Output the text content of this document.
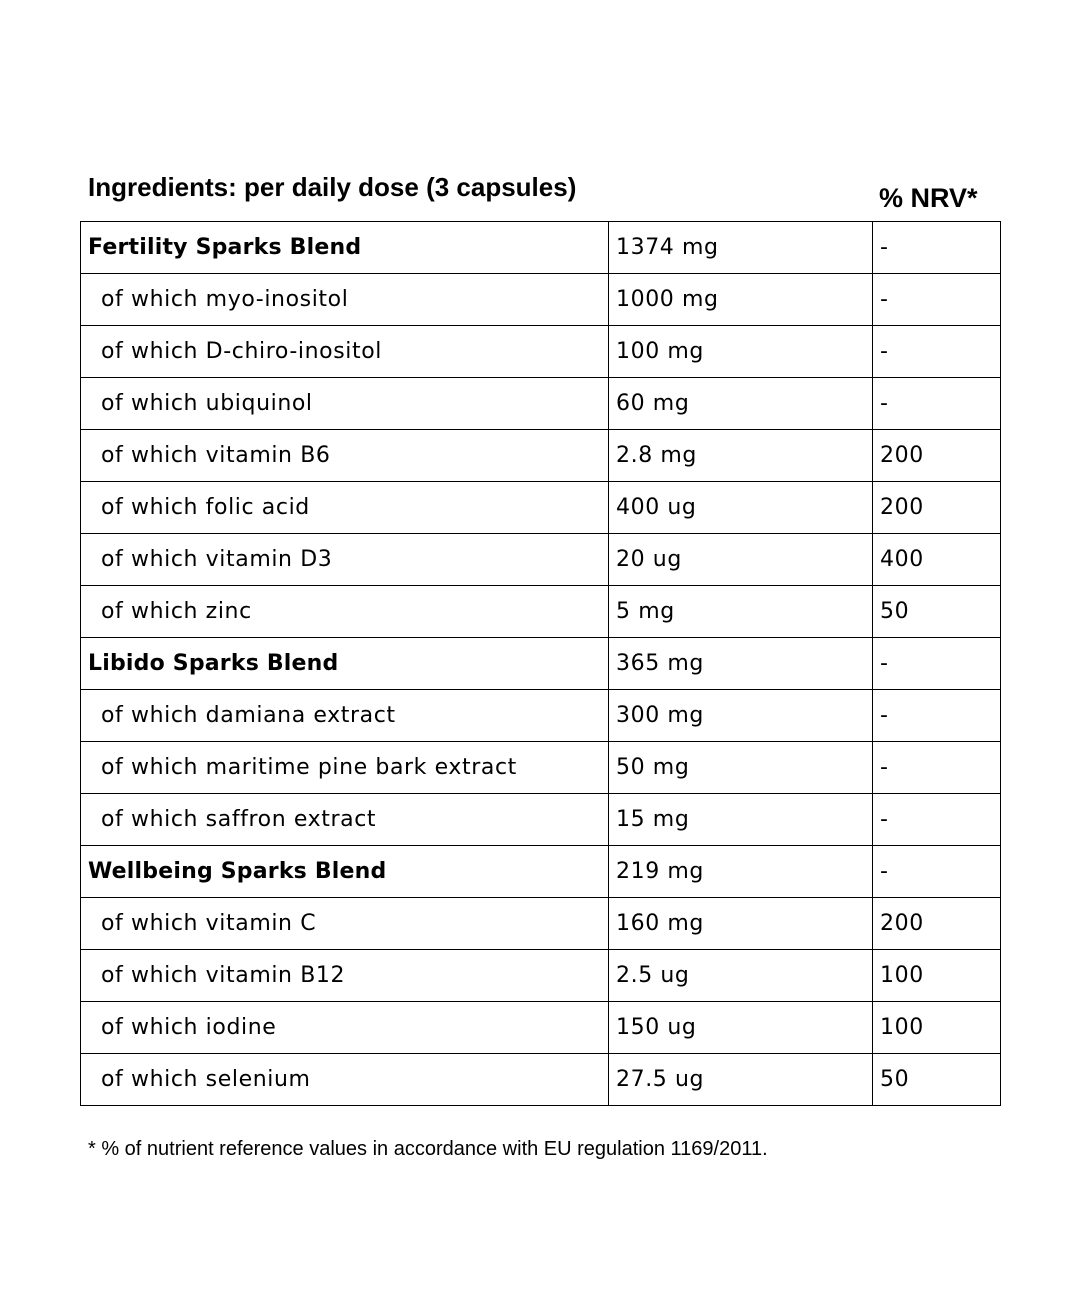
Ingredients: per daily dose (3 capsules)	% NRV*
Fertility Sparks Blend	1374 mg	-
of which myo-inositol	1000 mg	-
of which D-chiro-inositol	100 mg	-
of which ubiquinol	60 mg	-
of which vitamin B6	2.8 mg	200
of which folic acid	400 ug	200
of which vitamin D3	20 ug	400
of which zinc	5 mg	50
Libido Sparks Blend	365 mg	-
of which damiana extract	300 mg	-
of which maritime pine bark extract	50 mg	-
of which saffron extract	15 mg	-
Wellbeing Sparks Blend	219 mg	-
of which vitamin C	160 mg	200
of which vitamin B12	2.5 ug	100
of which iodine	150 ug	100
of which selenium	27.5 ug	50
* % of nutrient reference values in accordance with EU regulation 1169/2011.
